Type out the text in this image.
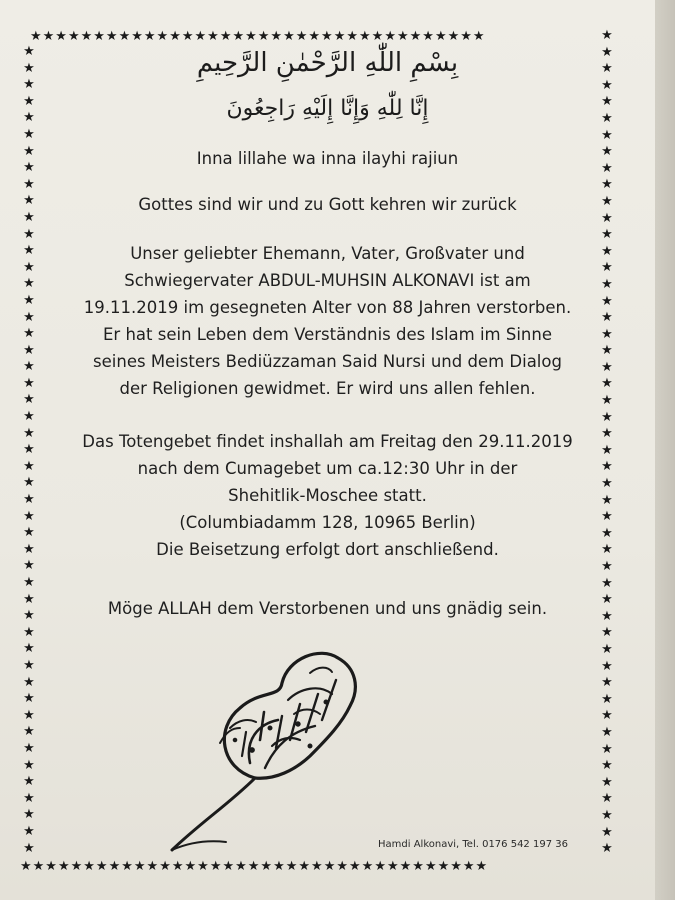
★★★★★★★★★★★★★★★★★★★★★★★★★★★★★★★★★★★★
★★★★★★★★★★★★★★★★★★★★★★★★★★★★★★★★★★★★★
★
★
★
★
★
★
★
★
★
★
★
★
★
★
★
★
★
★
★
★
★
★
★
★
★
★
★
★
★
★
★
★
★
★
★
★
★
★
★
★
★
★
★
★
★
★
★
★
★
★
★
★
★
★
★
★
★
★
★
★
★
★
★
★
★
★
★
★
★
★
★
★
★
★
★
★
★
★
★
★
★
★
★
★
★
★
★
★
★
★
★
★
★
★
★
★
★
★
★
بِسْمِ اللّٰهِ الرَّحْمٰنِ الرَّحِيمِ
إِنَّا لِلّٰهِ وَإِنَّا إِلَيْهِ رَاجِعُونَ
Inna lillahe wa inna ilayhi rajiun
Gottes sind wir und zu Gott kehren wir zurück
Unser geliebter Ehemann, Vater, Großvater und
Schwiegervater ABDUL-MUHSIN ALKONAVI ist am
19.11.2019 im gesegneten Alter von 88 Jahren verstorben.
Er hat sein Leben dem Verständnis des Islam im Sinne
seines Meisters Bediüzzaman Said Nursi und dem Dialog
der Religionen gewidmet. Er wird uns allen fehlen.
Das Totengebet findet inshallah am Freitag den 29.11.2019
nach dem Cumagebet um ca.12:30 Uhr in der
Shehitlik-Moschee statt.
(Columbiadamm 128, 10965 Berlin)
Die Beisetzung erfolgt dort anschließend.
Möge ALLAH dem Verstorbenen und uns gnädig sein.
Hamdi Alkonavi, Tel. 0176 542 197 36
